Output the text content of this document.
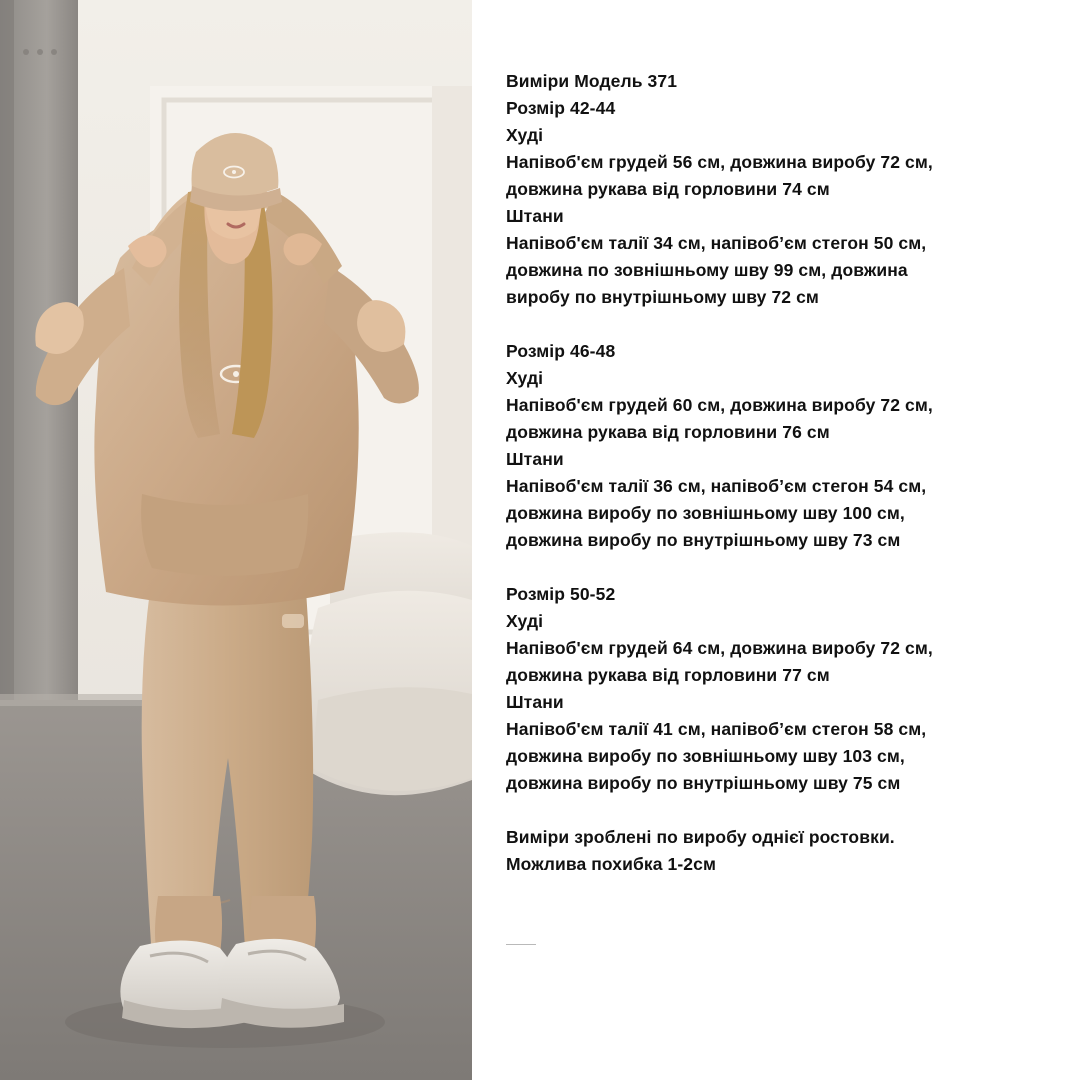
Виміри Модель 371
Розмір 42-44
Худі
Напівоб'єм грудей 56 см, довжина виробу 72 см,
довжина рукава від горловини 74 см
Штани
Напівоб'єм талії 34 см, напівоб’єм стегон 50 см,
довжина по зовнішньому шву 99 см, довжина
виробу по внутрішньому шву 72 см
Розмір 46-48
Худі
Напівоб'єм грудей 60 см, довжина виробу 72 см,
довжина рукава від горловини 76 см
Штани
Напівоб'єм талії 36 см, напівоб’єм стегон 54 см,
довжина виробу по зовнішньому шву 100 см,
довжина виробу по внутрішньому шву 73 см
Розмір 50-52
Худі
Напівоб'єм грудей 64 см, довжина виробу 72 см,
довжина рукава від горловини 77 см
Штани
Напівоб'єм талії 41 см, напівоб’єм стегон 58 см,
довжина виробу по зовнішньому шву 103 см,
довжина виробу по внутрішньому шву 75 см
Виміри зроблені по виробу однієї ростовки.
Можлива похибка 1-2см
